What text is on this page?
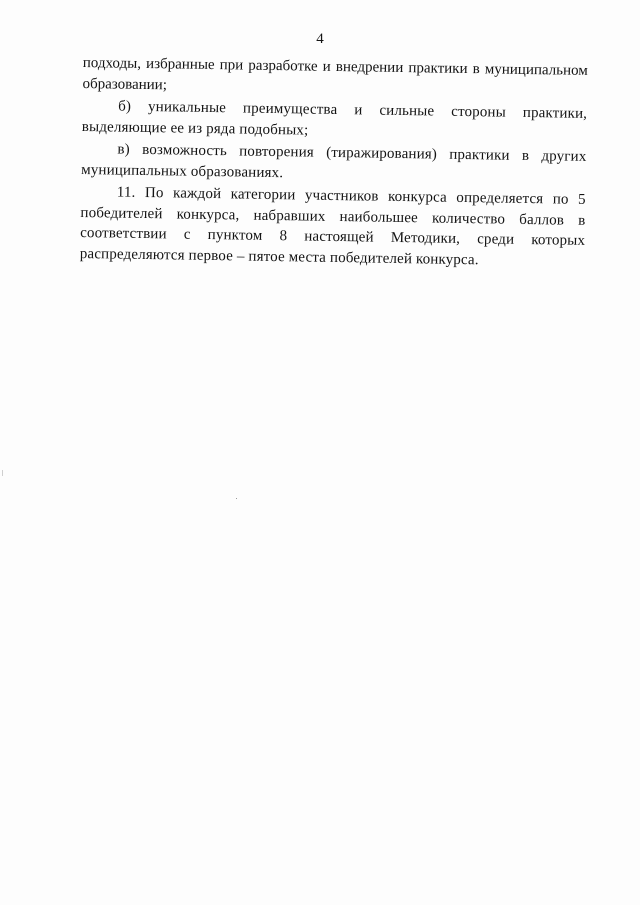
4

подходы, избранные при разработке и внедрении практики в муниципальном образовании;

б) уникальные преимущества и сильные стороны практики, выделяющие ее из ряда подобных;

в) возможность повторения (тиражирования) практики в других муниципальных образованиях.

11. По каждой категории участников конкурса определяется по 5 победителей конкурса, набравших наибольшее количество баллов в соответствии с пунктом 8 настоящей Методики, среди которых распределяются первое – пятое места победителей конкурса.
